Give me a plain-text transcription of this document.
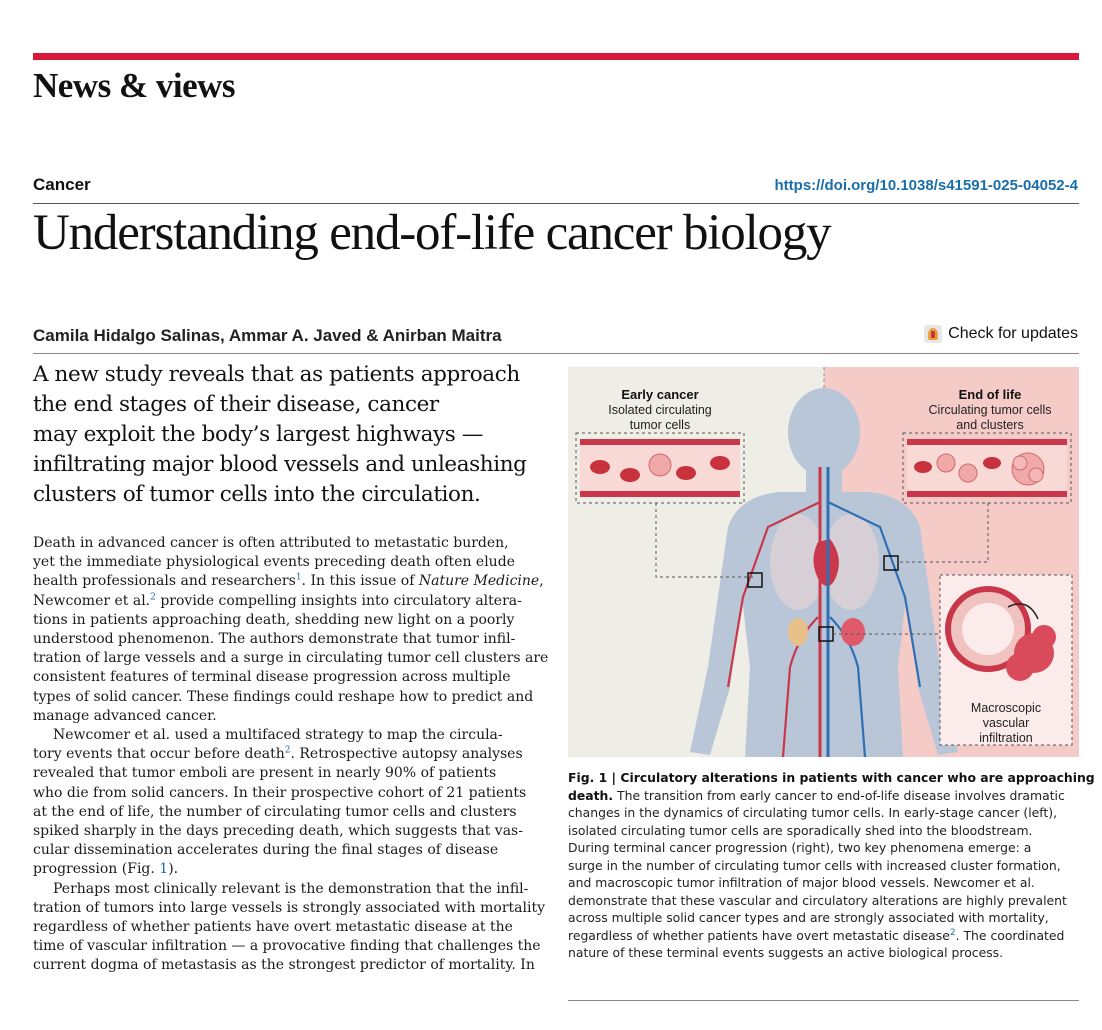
News & views
Cancer	https://doi.org/10.1038/s41591-025-04052-4
Understanding end-of-life cancer biology
Camila Hidalgo Salinas, Ammar A. Javed & Anirban Maitra	Check for updates
A new study reveals that as patients approach
the end stages of their disease, cancer
may exploit the body’s largest highways —
infiltrating major blood vessels and unleashing
clusters of tumor cells into the circulation.
Death in advanced cancer is often attributed to metastatic burden,
yet the immediate physiological events preceding death often elude
health professionals and researchers$^1$. In this issue of Nature Medicine,
Newcomer et al.$^2$ provide compelling insights into circulatory altera-
tions in patients approaching death, shedding new light on a poorly
understood phenomenon. The authors demonstrate that tumor infil-
tration of large vessels and a surge in circulating tumor cell clusters are
consistent features of terminal disease progression across multiple
types of solid cancer. These findings could reshape how to predict and
manage advanced cancer.
Newcomer et al. used a multifaced strategy to map the circula-
tory events that occur before death$^2$. Retrospective autopsy analyses
revealed that tumor emboli are present in nearly 90% of patients
who die from solid cancers. In their prospective cohort of 21 patients
at the end of life, the number of circulating tumor cells and clusters
spiked sharply in the days preceding death, which suggests that vas-
cular dissemination accelerates during the final stages of disease
progression (Fig. 1).
Perhaps most clinically relevant is the demonstration that the infil-
tration of tumors into large vessels is strongly associated with mortality
regardless of whether patients have overt metastatic disease at the
time of vascular infiltration — a provocative finding that challenges the
current dogma of metastasis as the strongest predictor of mortality. In
Early cancer
Isolated circulating
tumor cells
End of life
Circulating tumor cells
and clusters
Macroscopic
vascular
infiltration
Fig. 1 | Circulatory alterations in patients with cancer who are approaching
death. The transition from early cancer to end-of-life disease involves dramatic
changes in the dynamics of circulating tumor cells. In early-stage cancer (left),
isolated circulating tumor cells are sporadically shed into the bloodstream.
During terminal cancer progression (right), two key phenomena emerge: a
surge in the number of circulating tumor cells with increased cluster formation,
and macroscopic tumor infiltration of major blood vessels. Newcomer et al.
demonstrate that these vascular and circulatory alterations are highly prevalent
across multiple solid cancer types and are strongly associated with mortality,
regardless of whether patients have overt metastatic disease$^2$. The coordinated
nature of these terminal events suggests an active biological process.
